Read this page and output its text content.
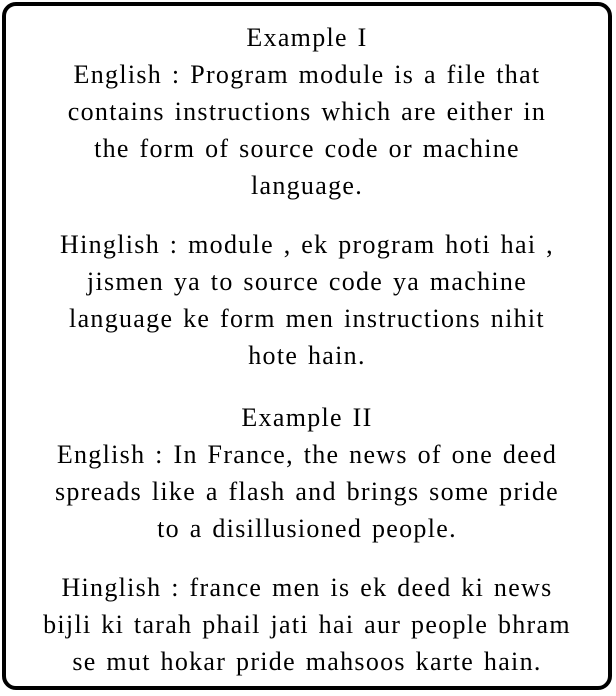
Example I
English : Program module is a file that
contains instructions which are either in
the form of source code or machine
language.
Hinglish : module , ek program hoti hai ,
jismen ya to source code ya machine
language ke form men instructions nihit
hote hain.
Example II
English : In France, the news of one deed
spreads like a flash and brings some pride
to a disillusioned people.
Hinglish : france men is ek deed ki news
bijli ki tarah phail jati hai aur people bhram
se mut hokar pride mahsoos karte hain.
